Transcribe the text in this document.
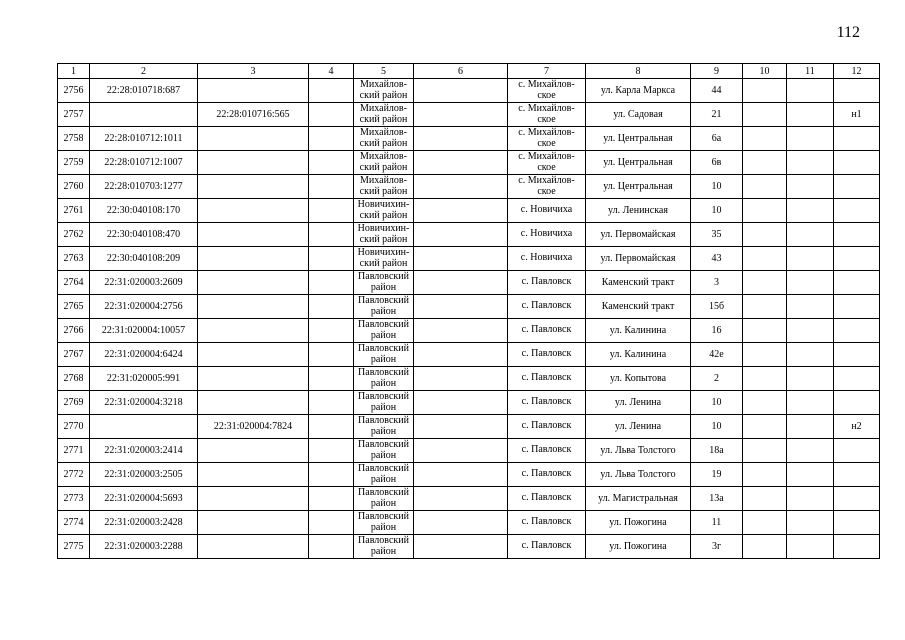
112
1	2	3	4	5	6	7	8	9	10	11	12
2756	22:28:010718:687			Михайлов-
ский район		с. Михайлов-
ское	ул. Карла Маркса	44			
2757		22:28:010716:565		Михайлов-
ский район		с. Михайлов-
ское	ул. Садовая	21			н1
2758	22:28:010712:1011			Михайлов-
ский район		с. Михайлов-
ское	ул. Центральная	6а			
2759	22:28:010712:1007			Михайлов-
ский район		с. Михайлов-
ское	ул. Центральная	6в			
2760	22:28:010703:1277			Михайлов-
ский район		с. Михайлов-
ское	ул. Центральная	10			
2761	22:30:040108:170			Новичихин-
ский район		с. Новичиха	ул. Ленинская	10			
2762	22:30:040108:470			Новичихин-
ский район		с. Новичиха	ул. Первомайская	35			
2763	22:30:040108:209			Новичихин-
ский район		с. Новичиха	ул. Первомайская	43			
2764	22:31:020003:2609			Павловский
район		с. Павловск	Каменский тракт	3			
2765	22:31:020004:2756			Павловский
район		с. Павловск	Каменский тракт	15б			
2766	22:31:020004:10057			Павловский
район		с. Павловск	ул. Калинина	16			
2767	22:31:020004:6424			Павловский
район		с. Павловск	ул. Калинина	42е			
2768	22:31:020005:991			Павловский
район		с. Павловск	ул. Копытова	2			
2769	22:31:020004:3218			Павловский
район		с. Павловск	ул. Ленина	10			
2770		22:31:020004:7824		Павловский
район		с. Павловск	ул. Ленина	10			н2
2771	22:31:020003:2414			Павловский
район		с. Павловск	ул. Льва Толстого	18а			
2772	22:31:020003:2505			Павловский
район		с. Павловск	ул. Льва Толстого	19			
2773	22:31:020004:5693			Павловский
район		с. Павловск	ул. Магистральная	13а			
2774	22:31:020003:2428			Павловский
район		с. Павловск	ул. Пожогина	11			
2775	22:31:020003:2288			Павловский
район		с. Павловск	ул. Пожогина	3г			
